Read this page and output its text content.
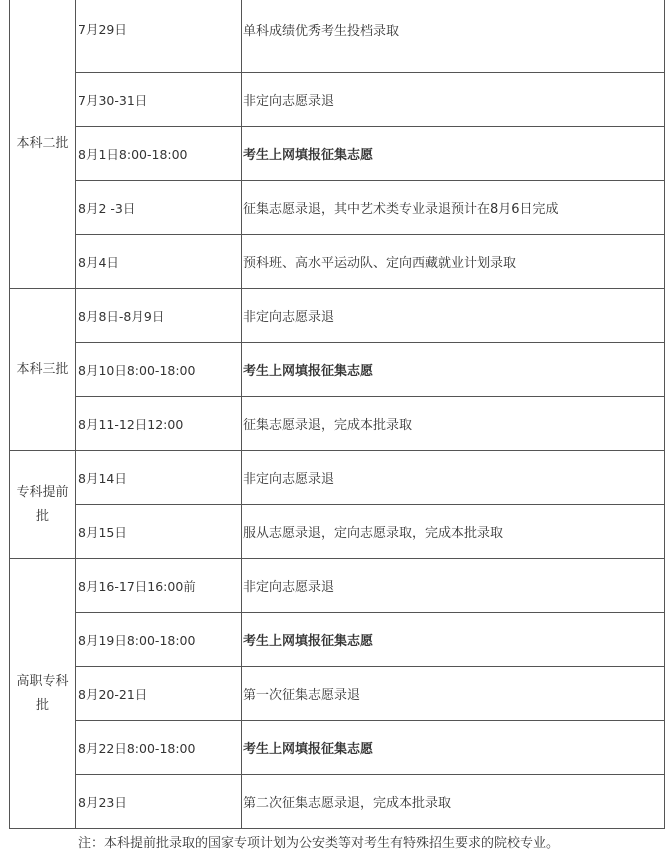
本科二批	7月29日	单科成绩优秀考生投档录取
	7月30-31日	非定向志愿录退
	8月1日8:00-18:00	考生上网填报征集志愿
	8月2 -3日	征集志愿录退，其中艺术类专业录退预计在8月6日完成
	8月4日	预科班、高水平运动队、定向西藏就业计划录取
本科三批	8月8日-8月9日	非定向志愿录退
	8月10日8:00-18:00	考生上网填报征集志愿
	8月11-12日12:00	征集志愿录退，完成本批录取
专科提前批	8月14日	非定向志愿录退
	8月15日	服从志愿录退，定向志愿录取，完成本批录取
高职专科批	8月16-17日16:00前	非定向志愿录退
	8月19日8:00-18:00	考生上网填报征集志愿
	8月20-21日	第一次征集志愿录退
	8月22日8:00-18:00	考生上网填报征集志愿
	8月23日	第二次征集志愿录退，完成本批录取
注：本科提前批录取的国家专项计划为公安类等对考生有特殊招生要求的院校专业。
